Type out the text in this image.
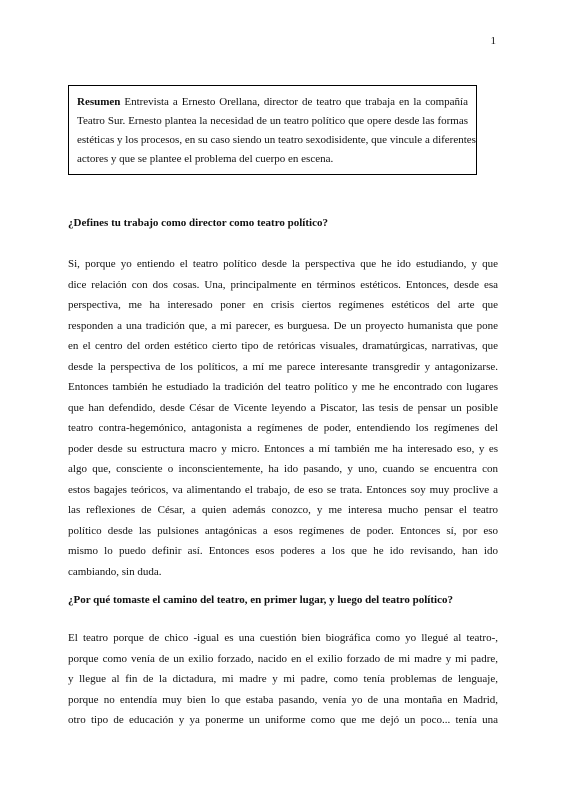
1
Resumen Entrevista a Ernesto Orellana, director de teatro que trabaja en la compañía
Teatro Sur. Ernesto plantea la necesidad de un teatro político que opere desde las formas
estéticas y los procesos, en su caso siendo un teatro sexodisidente, que vincule a diferentes
actores y que se plantee el problema del cuerpo en escena.
¿Defines tu trabajo como director como teatro político?
Si, porque yo entiendo el teatro político desde la perspectiva que he ido estudiando, y que
dice relación con dos cosas. Una, principalmente en términos estéticos. Entonces, desde esa
perspectiva, me ha interesado poner en crisis ciertos regímenes estéticos del arte que
responden a una tradición que, a mi parecer, es burguesa. De un proyecto humanista que pone
en el centro del orden estético cierto tipo de retóricas visuales, dramatúrgicas, narrativas, que
desde la perspectiva de los políticos, a mí me parece interesante transgredir y antagonizarse.
Entonces también he estudiado la tradición del teatro político y me he encontrado con lugares
que han defendido, desde César de Vicente leyendo a Piscator, las tesis de pensar un posible
teatro contra-hegemónico, antagonista a regímenes de poder, entendiendo los regímenes del
poder desde su estructura macro y micro. Entonces a mí también me ha interesado eso, y es
algo que, consciente o inconscientemente, ha ido pasando, y uno, cuando se encuentra con
estos bagajes teóricos, va alimentando el trabajo, de eso se trata. Entonces soy muy proclive a
las reflexiones de César, a quien además conozco, y me interesa mucho pensar el teatro
político desde las pulsiones antagónicas a esos regímenes de poder. Entonces sí, por eso
mismo lo puedo definir así. Entonces esos poderes a los que he ido revisando, han ido
cambiando, sin duda.
¿Por qué tomaste el camino del teatro, en primer lugar, y luego del teatro político?
El teatro porque de chico -igual es una cuestión bien biográfica como yo llegué al teatro-,
porque como venía de un exilio forzado, nacido en el exilio forzado de mi madre y mi padre,
y llegue al fin de la dictadura, mi madre y mi padre, como tenía problemas de lenguaje,
porque no entendía muy bien lo que estaba pasando, venía yo de una montaña en Madrid,
otro tipo de educación y ya ponerme un uniforme como que me dejó un poco... tenía una
